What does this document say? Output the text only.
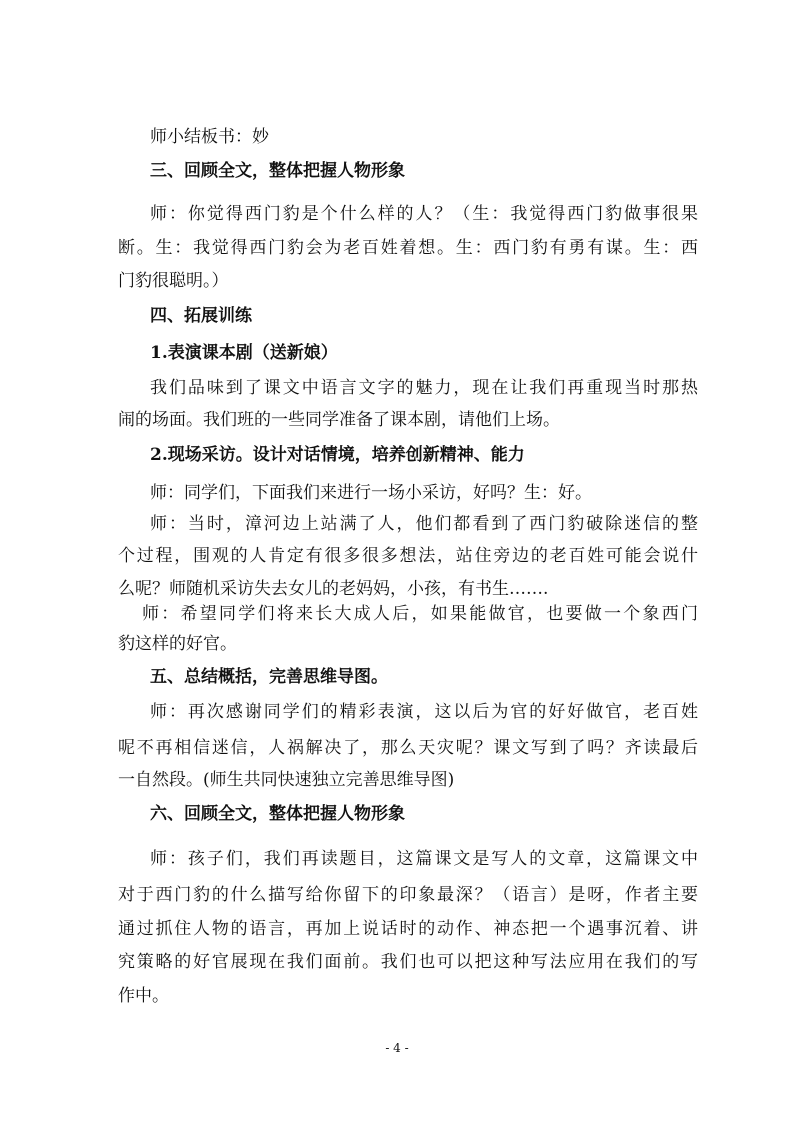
师小结板书：妙
三、回顾全文，整体把握人物形象
师：你觉得西门豹是个什么样的人？（生：我觉得西门豹做事很果
断。生：我觉得西门豹会为老百姓着想。生：西门豹有勇有谋。生：西
门豹很聪明。）
四、拓展训练
1.表演课本剧（送新娘）
我们品味到了课文中语言文字的魅力，现在让我们再重现当时那热
闹的场面。我们班的一些同学准备了课本剧，请他们上场。
2.现场采访。设计对话情境，培养创新精神、能力
师：同学们，下面我们来进行一场小采访，好吗？生：好。
师：当时，漳河边上站满了人，他们都看到了西门豹破除迷信的整
个过程，围观的人肯定有很多很多想法，站住旁边的老百姓可能会说什
么呢？师随机采访失去女儿的老妈妈，小孩，有书生…….
师：希望同学们将来长大成人后，如果能做官，也要做一个象西门
豹这样的好官。
五、总结概括，完善思维导图。
师：再次感谢同学们的精彩表演，这以后为官的好好做官，老百姓
呢不再相信迷信，人祸解决了，那么天灾呢？课文写到了吗？齐读最后
一自然段。(师生共同快速独立完善思维导图)
六、回顾全文，整体把握人物形象
师：孩子们，我们再读题目，这篇课文是写人的文章，这篇课文中
对于西门豹的什么描写给你留下的印象最深？（语言）是呀，作者主要
通过抓住人物的语言，再加上说话时的动作、神态把一个遇事沉着、讲
究策略的好官展现在我们面前。我们也可以把这种写法应用在我们的写
作中。
- 4 -
